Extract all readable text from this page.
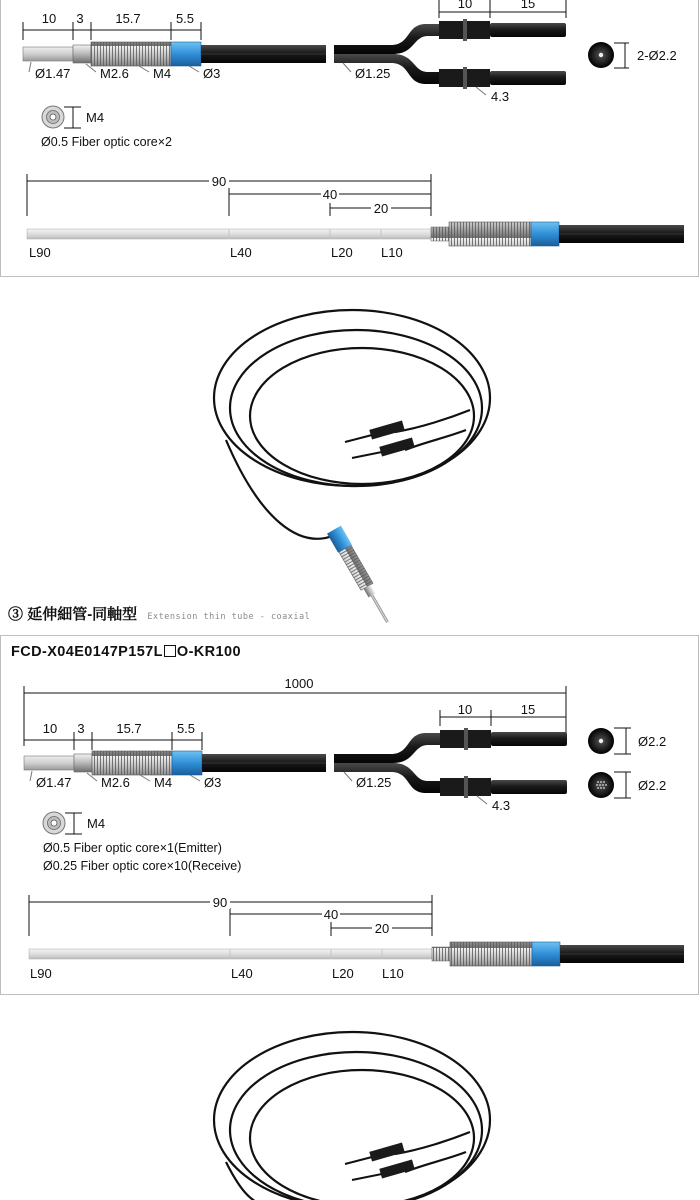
10 3 15.7	5.5
10	15
Ø1.47 M2.6 M4 Ø3	Ø1.25
4.3
2-Ø2.2
M4
90
40
20
L90	L40	L20 L10
Ø0.5 Fiber optic core×2
③ 延伸細管-同軸型 Extension thin tube - coaxial
FCD-X04E0147P157L O-KR100
1000
10 3 15.7	5.5
10	15
Ø1.47 M2.6 M4 Ø3	Ø1.25
4.3
Ø2.2
Ø2.2
M4
90
40
20
L90	L40	L20 L10
Ø0.5 Fiber optic core×1(Emitter)
Ø0.25 Fiber optic core×10(Receive)
